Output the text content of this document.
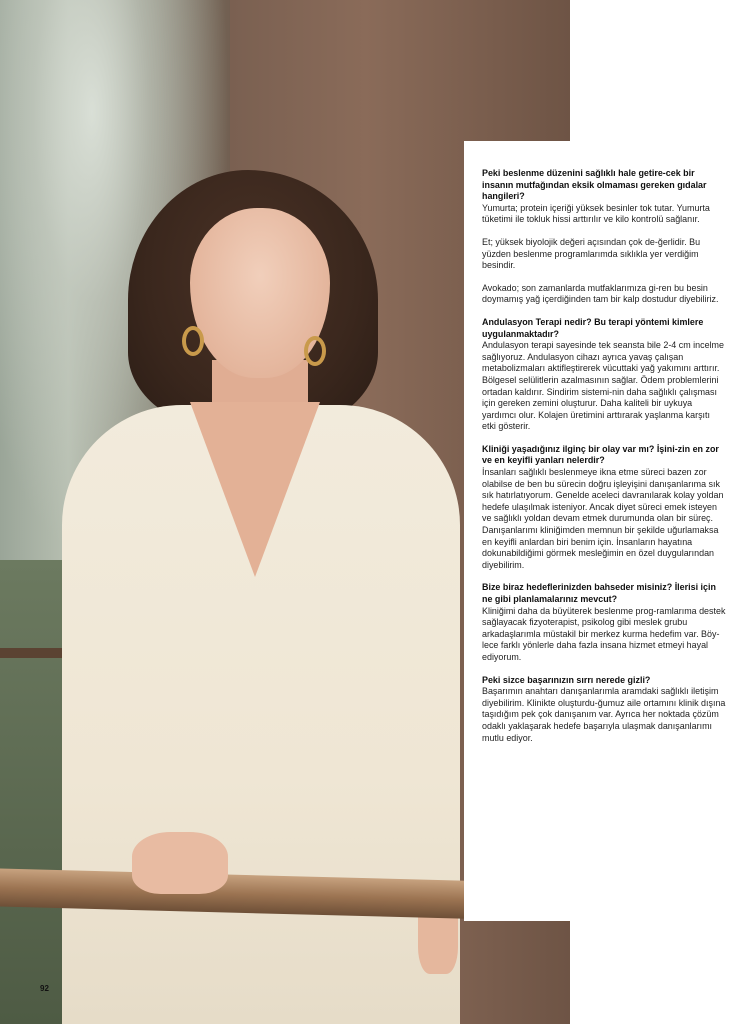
Peki beslenme düzenini sağlıklı hale getire-cek bir insanın mutfağından eksik olmaması gereken gıdalar hangileri?
Yumurta; protein içeriği yüksek besinler tok tutar. Yumurta tüketimi ile tokluk hissi arttırılır ve kilo kontrolü sağlanır.
Et; yüksek biyolojik değeri açısından çok de-ğerlidir. Bu yüzden beslenme programlarımda sıklıkla yer verdiğim besindir.
Avokado; son zamanlarda mutfaklarımıza gi-ren bu besin doymamış yağ içerdiğinden tam bir kalp dostudur diyebiliriz.
Andulasyon Terapi nedir? Bu terapi yöntemi kimlere uygulanmaktadır?
Andulasyon terapi sayesinde tek seansta bile 2-4 cm incelme sağlıyoruz. Andulasyon cihazı ayrıca yavaş çalışan metabolizmaları aktifleştirerek vücuttaki yağ yakımını arttırır. Bölgesel selülitlerin azalmasının sağlar. Ödem problemlerini ortadan kaldırır. Sindirim sistemi-nin daha sağlıklı çalışması için gereken zemini oluşturur. Daha kaliteli bir uykuya yardımcı olur. Kolajen üretimini arttırarak yaşlanma karşıtı etki gösterir.
Kliniği yaşadığınız ilginç bir olay var mı? İşini-zin en zor ve en keyifli yanları nelerdir?
İnsanları sağlıklı beslenmeye ikna etme süreci bazen zor olabilse de ben bu sürecin doğru işleyişini danışanlarıma sık sık hatırlatıyorum. Genelde aceleci davranılarak kolay yoldan hedefe ulaşılmak isteniyor. Ancak diyet süreci emek isteyen ve sağlıklı yoldan devam etmek durumunda olan bir süreç. Danışanlarımı kliniğimden memnun bir şekilde uğurlamaksa en keyifli anlardan biri benim için. İnsanların hayatına dokunabildiğimi görmek mesleğimin en özel duygularından diyebilirim.
Bize biraz hedeflerinizden bahseder misiniz? İlerisi için ne gibi planlamalarınız mevcut?
Kliniğimi daha da büyüterek beslenme prog-ramlarıma destek sağlayacak fizyoterapist, psikolog gibi meslek grubu arkadaşlarımla müstakil bir merkez kurma hedefim var. Böy-lece farklı yönlerle daha fazla insana hizmet etmeyi hayal ediyorum.
Peki sizce başarınızın sırrı nerede gizli?
Başarımın anahtarı danışanlarımla aramdaki sağlıklı iletişim diyebilirim. Klinikte oluşturdu-ğumuz aile ortamını klinik dışına taşıdığım pek çok danışanım var. Ayrıca her noktada çözüm odaklı yaklaşarak hedefe başarıyla ulaşmak danışanlarımı mutlu ediyor.
92
